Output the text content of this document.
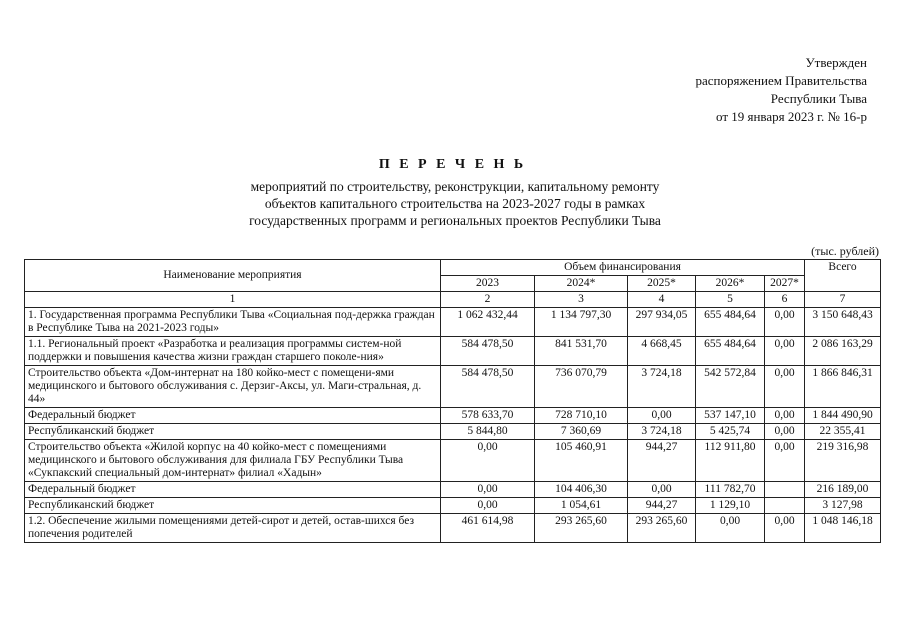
Утвержден
распоряжением Правительства
Республики Тыва
от 19 января 2023 г. № 16-р
П Е Р Е Ч Е Н Ь
мероприятий по строительству, реконструкции, капитальному ремонту
объектов капитального строительства на 2023-2027 годы в рамках
государственных программ и региональных проектов Республики Тыва
(тыс. рублей)
Наименование мероприятия	Объем финансирования					Всего
	2023	2024*	2025*	2026*	2027*	
1	2	3	4	5	6	7
1. Государственная программа Республики Тыва «Социальная под-держка граждан в Республике Тыва на 2021-2023 годы»	1 062 432,44	1 134 797,30	297 934,05	655 484,64	0,00	3 150 648,43
1.1. Региональный проект «Разработка и реализация программы систем-ной поддержки и повышения качества жизни граждан старшего поколе-ния»	584 478,50	841 531,70	4 668,45	655 484,64	0,00	2 086 163,29
Строительство объекта «Дом-интернат на 180 койко-мест с помещени-ями медицинского и бытового обслуживания с. Дерзиг-Аксы, ул. Маги-стральная, д. 44»	584 478,50	736 070,79	3 724,18	542 572,84	0,00	1 866 846,31
Федеральный бюджет	578 633,70	728 710,10	0,00	537 147,10	0,00	1 844 490,90
Республиканский бюджет	5 844,80	7 360,69	3 724,18	5 425,74	0,00	22 355,41
Строительство объекта «Жилой корпус на 40 койко-мест с помещениями медицинского и бытового обслуживания для филиала ГБУ Республики Тыва «Сукпакский специальный дом-интернат» филиал «Хадын»	0,00	105 460,91	944,27	112 911,80	0,00	219 316,98
Федеральный бюджет	0,00	104 406,30	0,00	111 782,70		216 189,00
Республиканский бюджет	0,00	1 054,61	944,27	1 129,10		3 127,98
1.2. Обеспечение жилыми помещениями детей-сирот и детей, остав-шихся без попечения родителей	461 614,98	293 265,60	293 265,60	0,00	0,00	1 048 146,18
